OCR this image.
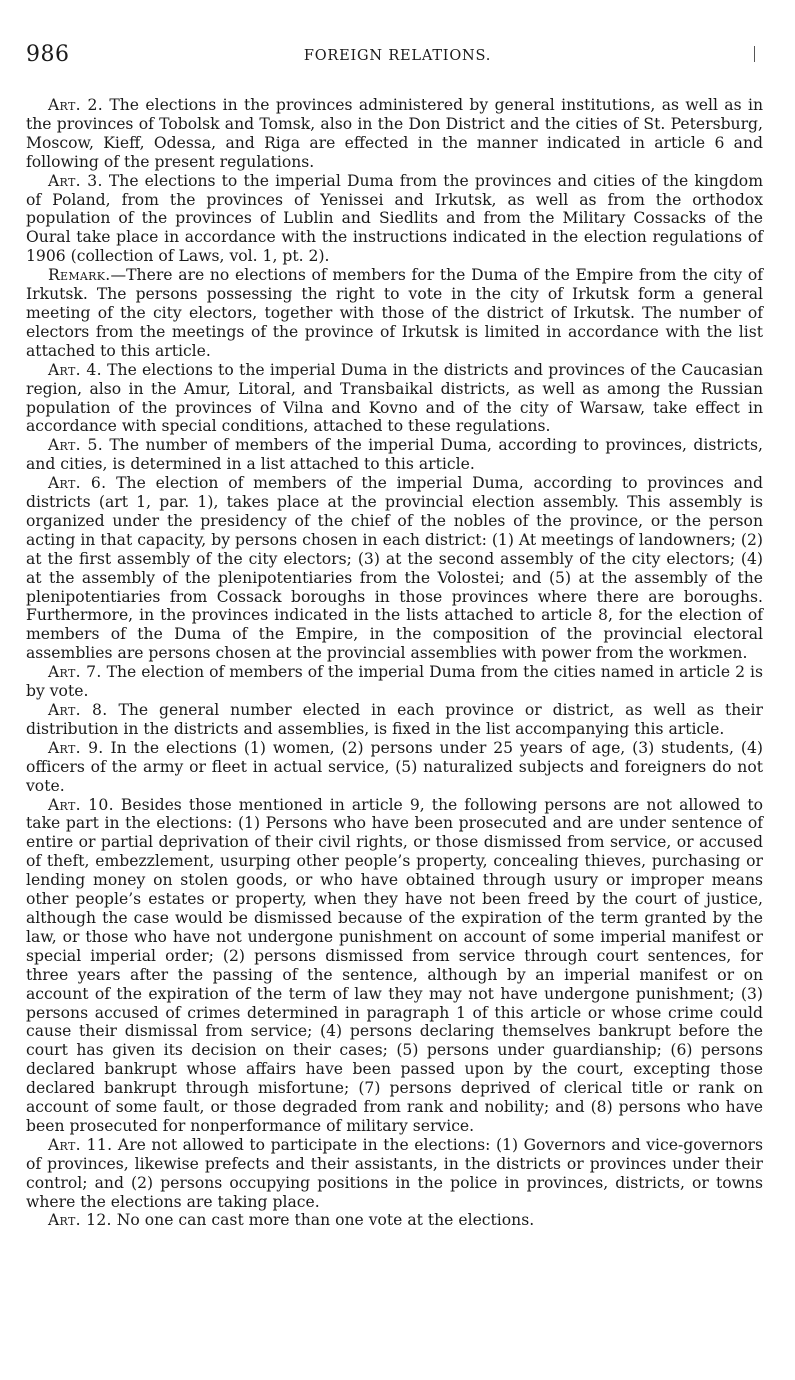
986	FOREIGN RELATIONS.

Art. 2. The elections in the provinces administered by general institutions, as well as in the provinces of Tobolsk and Tomsk, also in the Don District and the cities of St. Petersburg, Moscow, Kieff, Odessa, and Riga are effected in the manner indicated in article 6 and following of the present regulations.

Art. 3. The elections to the imperial Duma from the provinces and cities of the kingdom of Poland, from the provinces of Yenissei and Irkutsk, as well as from the orthodox population of the provinces of Lublin and Siedlits and from the Military Cossacks of the Oural take place in accordance with the instructions indicated in the election regulations of 1906 (collection of Laws, vol. 1, pt. 2).

Remark.—There are no elections of members for the Duma of the Empire from the city of Irkutsk. The persons possessing the right to vote in the city of Irkutsk form a general meeting of the city electors, together with those of the district of Irkutsk. The number of electors from the meetings of the province of Irkutsk is limited in accordance with the list attached to this article.

Art. 4. The elections to the imperial Duma in the districts and provinces of the Caucasian region, also in the Amur, Litoral, and Transbaikal districts, as well as among the Russian population of the provinces of Vilna and Kovno and of the city of Warsaw, take effect in accordance with special conditions, attached to these regulations.

Art. 5. The number of members of the imperial Duma, according to provinces, districts, and cities, is determined in a list attached to this article.

Art. 6. The election of members of the imperial Duma, according to provinces and districts (art 1, par. 1), takes place at the provincial election assembly. This assembly is organized under the presidency of the chief of the nobles of the province, or the person acting in that capacity, by persons chosen in each district: (1) At meetings of landowners; (2) at the first assembly of the city electors; (3) at the second assembly of the city electors; (4) at the assembly of the plenipotentiaries from the Volostei; and (5) at the assembly of the plenipotentiaries from Cossack boroughs in those provinces where there are boroughs. Furthermore, in the provinces indicated in the lists attached to article 8, for the election of members of the Duma of the Empire, in the composition of the provincial electoral assemblies are persons chosen at the provincial assemblies with power from the workmen.

Art. 7. The election of members of the imperial Duma from the cities named in article 2 is by vote.

Art. 8. The general number elected in each province or district, as well as their distribution in the districts and assemblies, is fixed in the list accompanying this article.

Art. 9. In the elections (1) women, (2) persons under 25 years of age, (3) students, (4) officers of the army or fleet in actual service, (5) naturalized subjects and foreigners do not vote.

Art. 10. Besides those mentioned in article 9, the following persons are not allowed to take part in the elections: (1) Persons who have been prosecuted and are under sentence of entire or partial deprivation of their civil rights, or those dismissed from service, or accused of theft, embezzlement, usurping other people’s property, concealing thieves, purchasing or lending money on stolen goods, or who have obtained through usury or improper means other people’s estates or property, when they have not been freed by the court of justice, although the case would be dismissed because of the expiration of the term granted by the law, or those who have not undergone punishment on account of some imperial manifest or special imperial order; (2) persons dismissed from service through court sentences, for three years after the passing of the sentence, although by an imperial manifest or on account of the expiration of the term of law they may not have undergone punishment; (3) persons accused of crimes determined in paragraph 1 of this article or whose crime could cause their dismissal from service; (4) persons declaring themselves bankrupt before the court has given its decision on their cases; (5) persons under guardianship; (6) persons declared bankrupt whose affairs have been passed upon by the court, excepting those declared bankrupt through misfortune; (7) persons deprived of clerical title or rank on account of some fault, or those degraded from rank and nobility; and (8) persons who have been prosecuted for nonperformance of military service.

Art. 11. Are not allowed to participate in the elections: (1) Governors and vice-governors of provinces, likewise prefects and their assistants, in the districts or provinces under their control; and (2) persons occupying positions in the police in provinces, districts, or towns where the elections are taking place.

Art. 12. No one can cast more than one vote at the elections.
